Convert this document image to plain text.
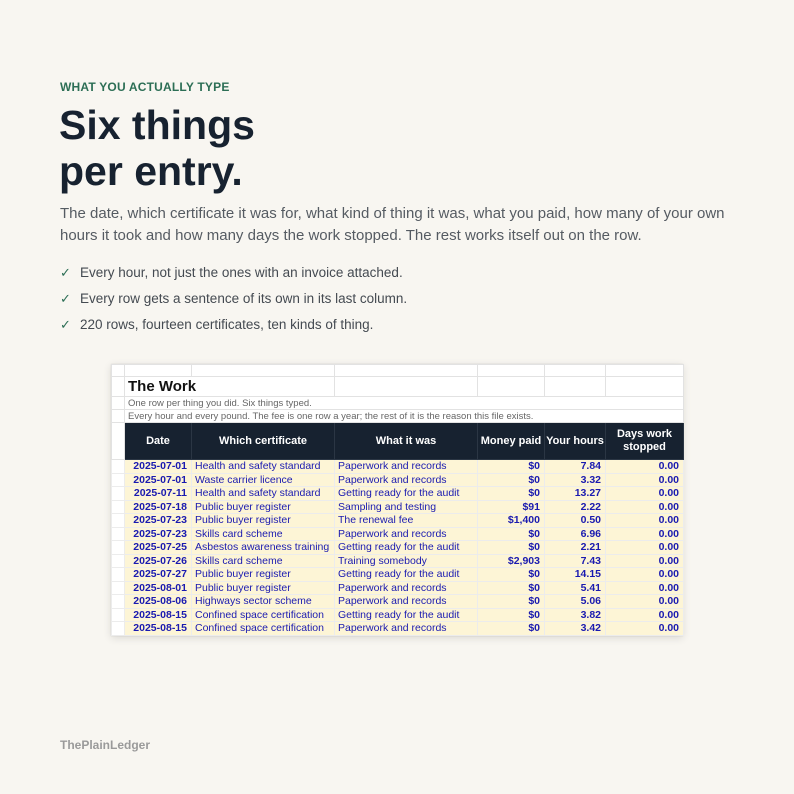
WHAT YOU ACTUALLY TYPE
Six things
per entry.

The date, which certificate it was for, what kind of thing it was, what you paid, how many of your own hours it took and how many days the work stopped. The rest works itself out on the row.

✓ Every hour, not just the ones with an invoice attached.
✓ Every row gets a sentence of its own in its last column.
✓ 220 rows, fourteen certificates, ten kinds of thing.

	The Work					
	One row per thing you did. Six things typed.					
	Every hour and every pound. The fee is one row a year; the rest of it is the reason this file exists.					
	Date	Which certificate	What it was	Money paid	Your hours	Days work stopped
	2025-07-01	Health and safety standard	Paperwork and records	$0	7.84	0.00
	2025-07-01	Waste carrier licence	Paperwork and records	$0	3.32	0.00
	2025-07-11	Health and safety standard	Getting ready for the audit	$0	13.27	0.00
	2025-07-18	Public buyer register	Sampling and testing	$91	2.22	0.00
	2025-07-23	Public buyer register	The renewal fee	$1,400	0.50	0.00
	2025-07-23	Skills card scheme	Paperwork and records	$0	6.96	0.00
	2025-07-25	Asbestos awareness training	Getting ready for the audit	$0	2.21	0.00
	2025-07-26	Skills card scheme	Training somebody	$2,903	7.43	0.00
	2025-07-27	Public buyer register	Getting ready for the audit	$0	14.15	0.00
	2025-08-01	Public buyer register	Paperwork and records	$0	5.41	0.00
	2025-08-06	Highways sector scheme	Paperwork and records	$0	5.06	0.00
	2025-08-15	Confined space certification	Getting ready for the audit	$0	3.82	0.00
	2025-08-15	Confined space certification	Paperwork and records	$0	3.42	0.00
ThePlainLedger
